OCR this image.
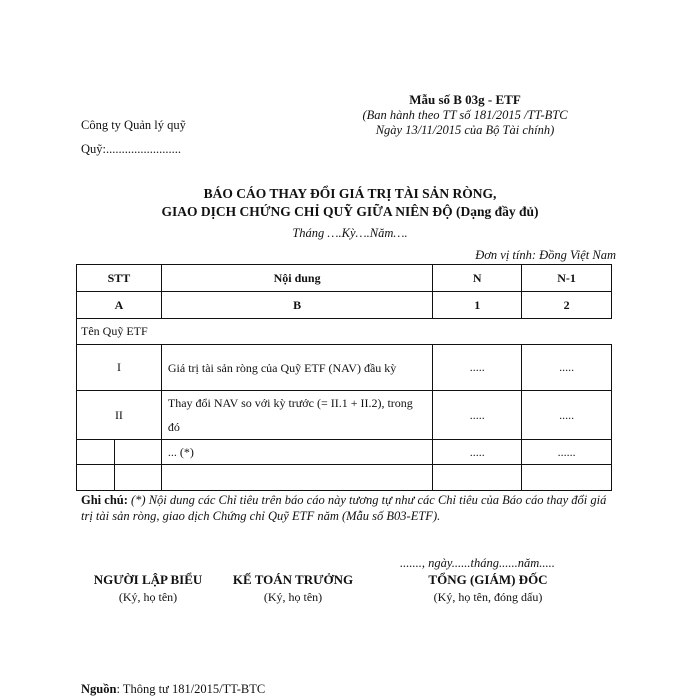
Mẫu số B 03g - ETF
(Ban hành theo TT số 181/2015 /TT-BTC
Ngày 13/11/2015 của Bộ Tài chính)
Công ty Quản lý quỹ
Quỹ:........................
BÁO CÁO THAY ĐỔI GIÁ TRỊ TÀI SẢN RÒNG,
GIAO DỊCH CHỨNG CHỈ QUỸ GIỮA NIÊN ĐỘ (Dạng đầy đủ)
Tháng ….Kỳ….Năm….
Đơn vị tính: Đồng Việt Nam
STT	Nội dung	N	N-1
A	B	1	2
Tên Quỹ ETF			
I	Giá trị tài sản ròng của Quỹ ETF (NAV) đầu kỳ	.....	.....
II	Thay đổi NAV so với kỳ trước (= II.1 + II.2), trong đó	.....	.....

	... (*)	.....	......

Ghi chú: (*) Nội dung các Chỉ tiêu trên báo cáo này tương tự như các Chỉ tiêu của Báo cáo thay đổi giá trị tài sản ròng, giao dịch Chứng chỉ Quỹ ETF năm (Mẫu số B03-ETF).
......., ngày......tháng......năm.....
NGƯỜI LẬP BIỂU
(Ký, họ tên)
KẾ TOÁN TRƯỞNG
(Ký, họ tên)
TỔNG (GIÁM) ĐỐC
(Ký, họ tên, đóng dấu)
Nguồn: Thông tư 181/2015/TT-BTC
